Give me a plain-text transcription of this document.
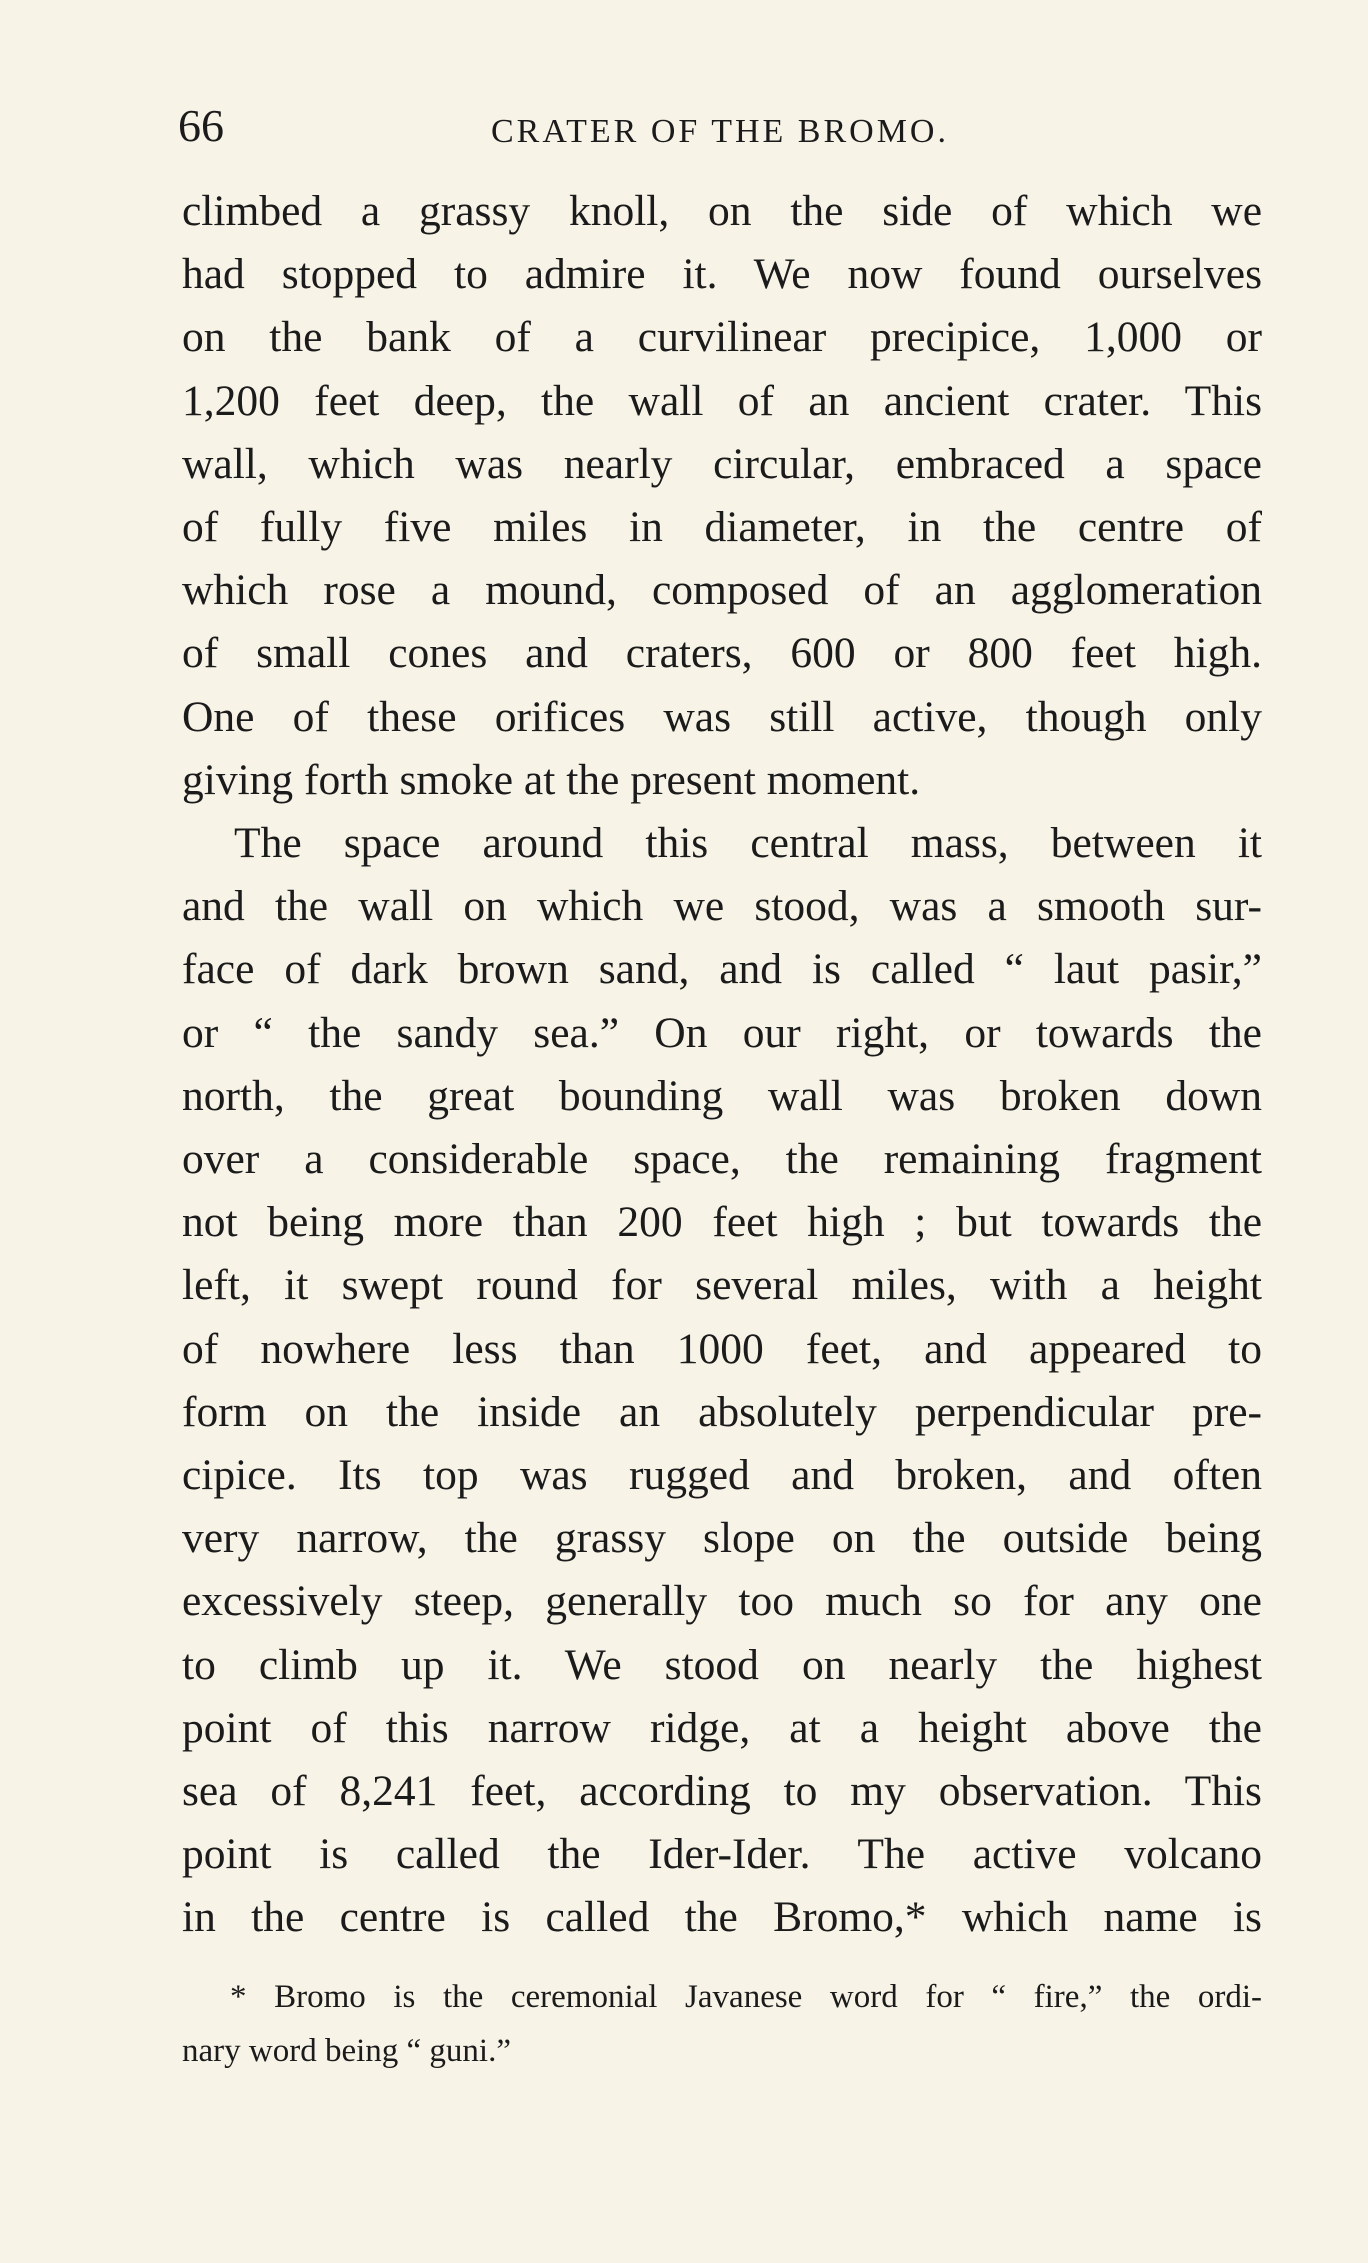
66	CRATER OF THE BROMO.

climbed a grassy knoll, on the side of which we
had stopped to admire it. We now found ourselves
on the bank of a curvilinear precipice, 1,000 or
1,200 feet deep, the wall of an ancient crater. This
wall, which was nearly circular, embraced a space
of fully five miles in diameter, in the centre of
which rose a mound, composed of an agglomeration
of small cones and craters, 600 or 800 feet high.
One of these orifices was still active, though only
giving forth smoke at the present moment.

The space around this central mass, between it
and the wall on which we stood, was a smooth sur-
face of dark brown sand, and is called “ laut pasir,”
or “ the sandy sea.” On our right, or towards the
north, the great bounding wall was broken down
over a considerable space, the remaining fragment
not being more than 200 feet high ; but towards the
left, it swept round for several miles, with a height
of nowhere less than 1000 feet, and appeared to
form on the inside an absolutely perpendicular pre-
cipice. Its top was rugged and broken, and often
very narrow, the grassy slope on the outside being
excessively steep, generally too much so for any one
to climb up it. We stood on nearly the highest
point of this narrow ridge, at a height above the
sea of 8,241 feet, according to my observation. This
point is called the Ider-Ider. The active volcano
in the centre is called the Bromo,* which name is

* Bromo is the ceremonial Javanese word for “ fire,” the ordi-
nary word being “ guni.”
